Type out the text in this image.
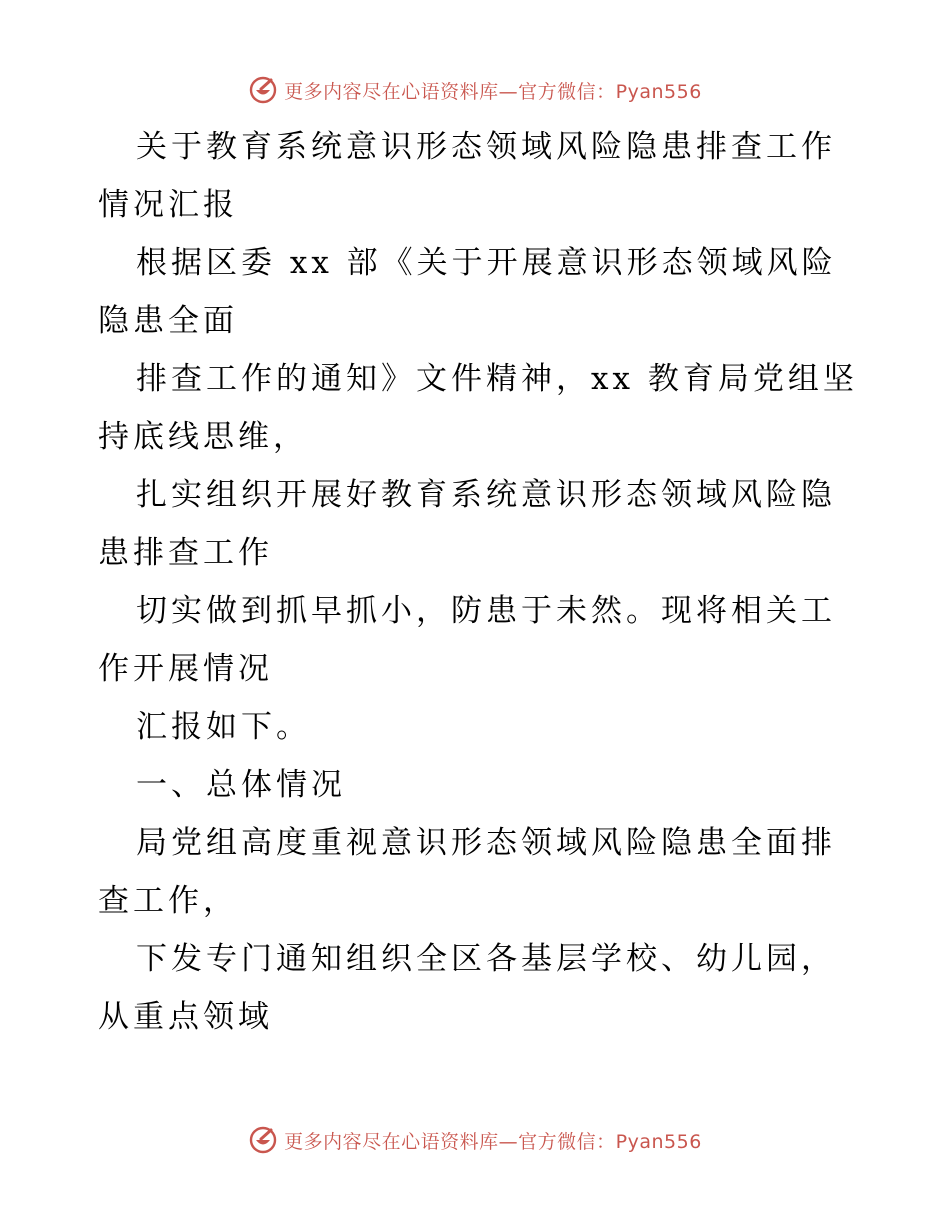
更多内容尽在心语资料库—官方微信：Pyan556

关于教育系统意识形态领域风险隐患排查工作情况汇报

根据区委 xx 部《关于开展意识形态领域风险隐患全面

排查工作的通知》文件精神，xx 教育局党组坚持底线思维，

扎实组织开展好教育系统意识形态领域风险隐患排查工作

切实做到抓早抓小，防患于未然。现将相关工作开展情况

汇报如下。

一、总体情况

局党组高度重视意识形态领域风险隐患全面排查工作，

下发专门通知组织全区各基层学校、幼儿园，从重点领域

更多内容尽在心语资料库—官方微信：Pyan556
